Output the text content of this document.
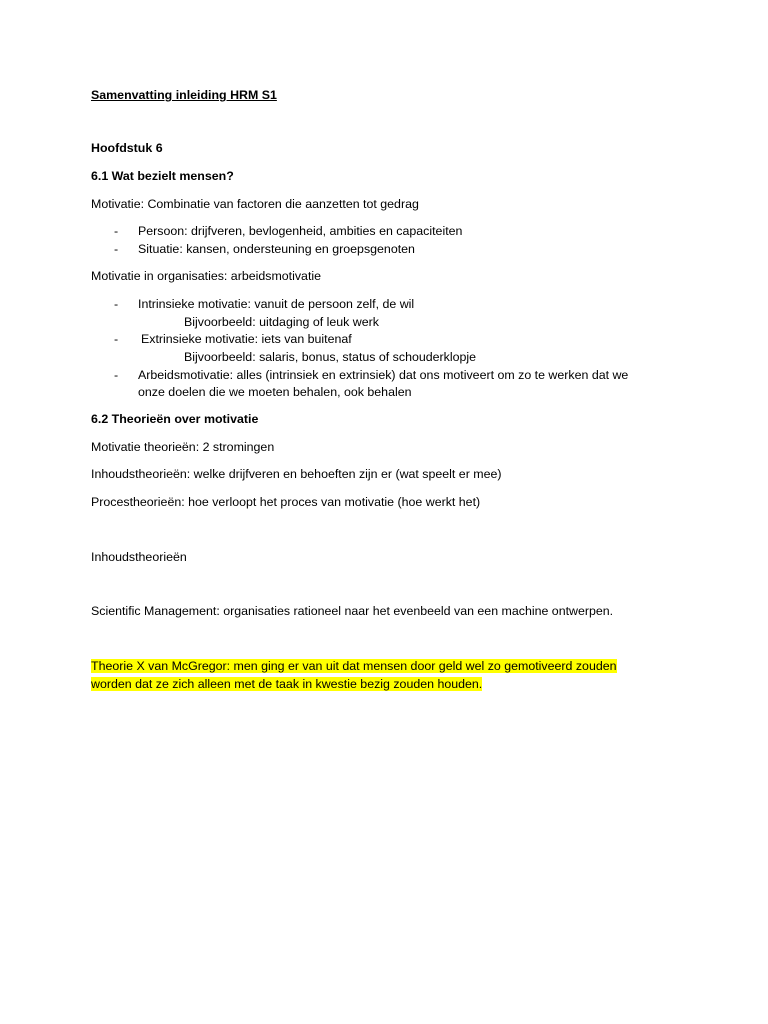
Samenvatting inleiding HRM S1
Hoofdstuk 6
6.1 Wat bezielt mensen?
Motivatie: Combinatie van factoren die aanzetten tot gedrag
- Persoon: drijfveren, bevlogenheid, ambities en capaciteiten
- Situatie: kansen, ondersteuning en groepsgenoten
Motivatie in organisaties: arbeidsmotivatie
- Intrinsieke motivatie: vanuit de persoon zelf, de wil
Bijvoorbeeld: uitdaging of leuk werk
- Extrinsieke motivatie: iets van buitenaf
Bijvoorbeeld: salaris, bonus, status of schouderklopje
- Arbeidsmotivatie: alles (intrinsiek en extrinsiek) dat ons motiveert om zo te werken dat we
onze doelen die we moeten behalen, ook behalen
6.2 Theorieën over motivatie
Motivatie theorieën: 2 stromingen
Inhoudstheorieën: welke drijfveren en behoeften zijn er (wat speelt er mee)
Procestheorieën: hoe verloopt het proces van motivatie (hoe werkt het)
Inhoudstheorieën
Scientific Management: organisaties rationeel naar het evenbeeld van een machine ontwerpen.
Theorie X van McGregor: men ging er van uit dat mensen door geld wel zo gemotiveerd zouden
worden dat ze zich alleen met de taak in kwestie bezig zouden houden.
